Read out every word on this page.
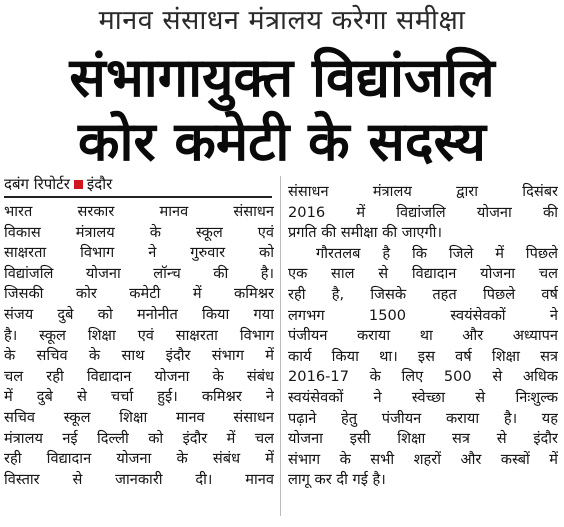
मानव संसाधन मंत्रालय करेगा समीक्षा
संभागायुक्त विद्यांजलि
कोर कमेटी के सदस्य
दबंग रिपोर्टर इंदौर
भारत सरकार मानव संसाधन
विकास मंत्रालय के स्कूल एवं
साक्षरता विभाग ने गुरुवार को
विद्यांजलि योजना लॉन्च की है।
जिसकी कोर कमेटी में कमिश्नर
संजय दुबे को मनोनीत किया गया
है। स्कूल शिक्षा एवं साक्षरता विभाग
के सचिव के साथ इंदौर संभाग में
चल रही विद्यादान योजना के संबंध
में दुबे से चर्चा हुई। कमिश्नर ने
सचिव स्कूल शिक्षा मानव संसाधन
मंत्रालय नई दिल्ली को इंदौर में चल
रही विद्यादान योजना के संबंध में
विस्तार से जानकारी दी। मानव
संसाधन मंत्रालय द्वारा दिसंबर
2016 में विद्यांजलि योजना की
प्रगति की समीक्षा की जाएगी।
गौरतलब है कि जिले में पिछले
एक साल से विद्यादान योजना चल
रही है, जिसके तहत पिछले वर्ष
लगभग 1500 स्वयंसेवकों ने
पंजीयन कराया था और अध्यापन
कार्य किया था। इस वर्ष शिक्षा सत्र
2016-17 के लिए 500 से अधिक
स्वयंसेवकों ने स्वेच्छा से निःशुल्क
पढ़ाने हेतु पंजीयन कराया है। यह
योजना इसी शिक्षा सत्र से इंदौर
संभाग के सभी शहरों और कस्बों में
लागू कर दी गई है।
